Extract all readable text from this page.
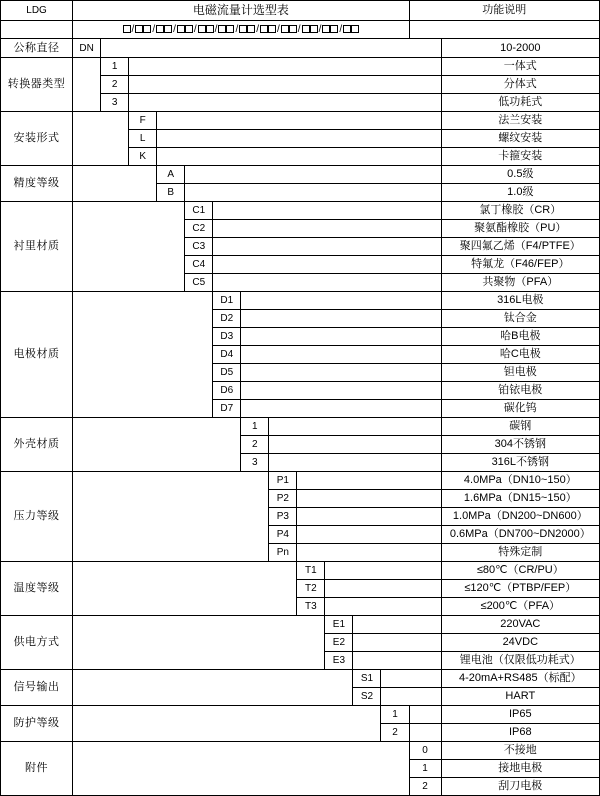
LDG	电磁流量计选型表												功能说明	
	/ / / / / / / / / / /													
公称直径	DN													10-2000
转换器类型		1												一体式
		2												分体式
		3												低功耗式
安装形式			F											法兰安装
			L											螺纹安装
			K											卡箍安装
精度等级				A										0.5级
				B										1.0级
衬里材质					C1									氯丁橡胶（CR）
					C2									聚氨酯橡胶（PU）
					C3									聚四氟乙烯（F4/PTFE）
					C4									特氟龙（F46/FEP）
					C5									共聚物（PFA）
电极材质						D1								316L电极
						D2								钛合金
						D3								哈B电极
						D4								哈C电极
						D5								钽电极
						D6								铂铱电极
						D7								碳化钨
外壳材质							1							碳钢
							2							304不锈钢
							3							316L不锈钢
压力等级								P1						4.0MPa（DN10~150）
								P2						1.6MPa（DN15~150）
								P3						1.0MPa（DN200~DN600）
								P4						0.6MPa（DN700~DN2000）
								Pn						特殊定制
温度等级									T1					≤80℃（CR/PU）
									T2					≤120℃（PTBP/FEP）
									T3					≤200℃（PFA）
供电方式										E1				220VAC
										E2				24VDC
										E3				锂电池（仅限低功耗式）
信号输出											S1			4-20mA+RS485（标配）
											S2			HART
防护等级												1		IP65
												2		IP68
附件													0	不接地
													1	接地电极
													2	刮刀电极
